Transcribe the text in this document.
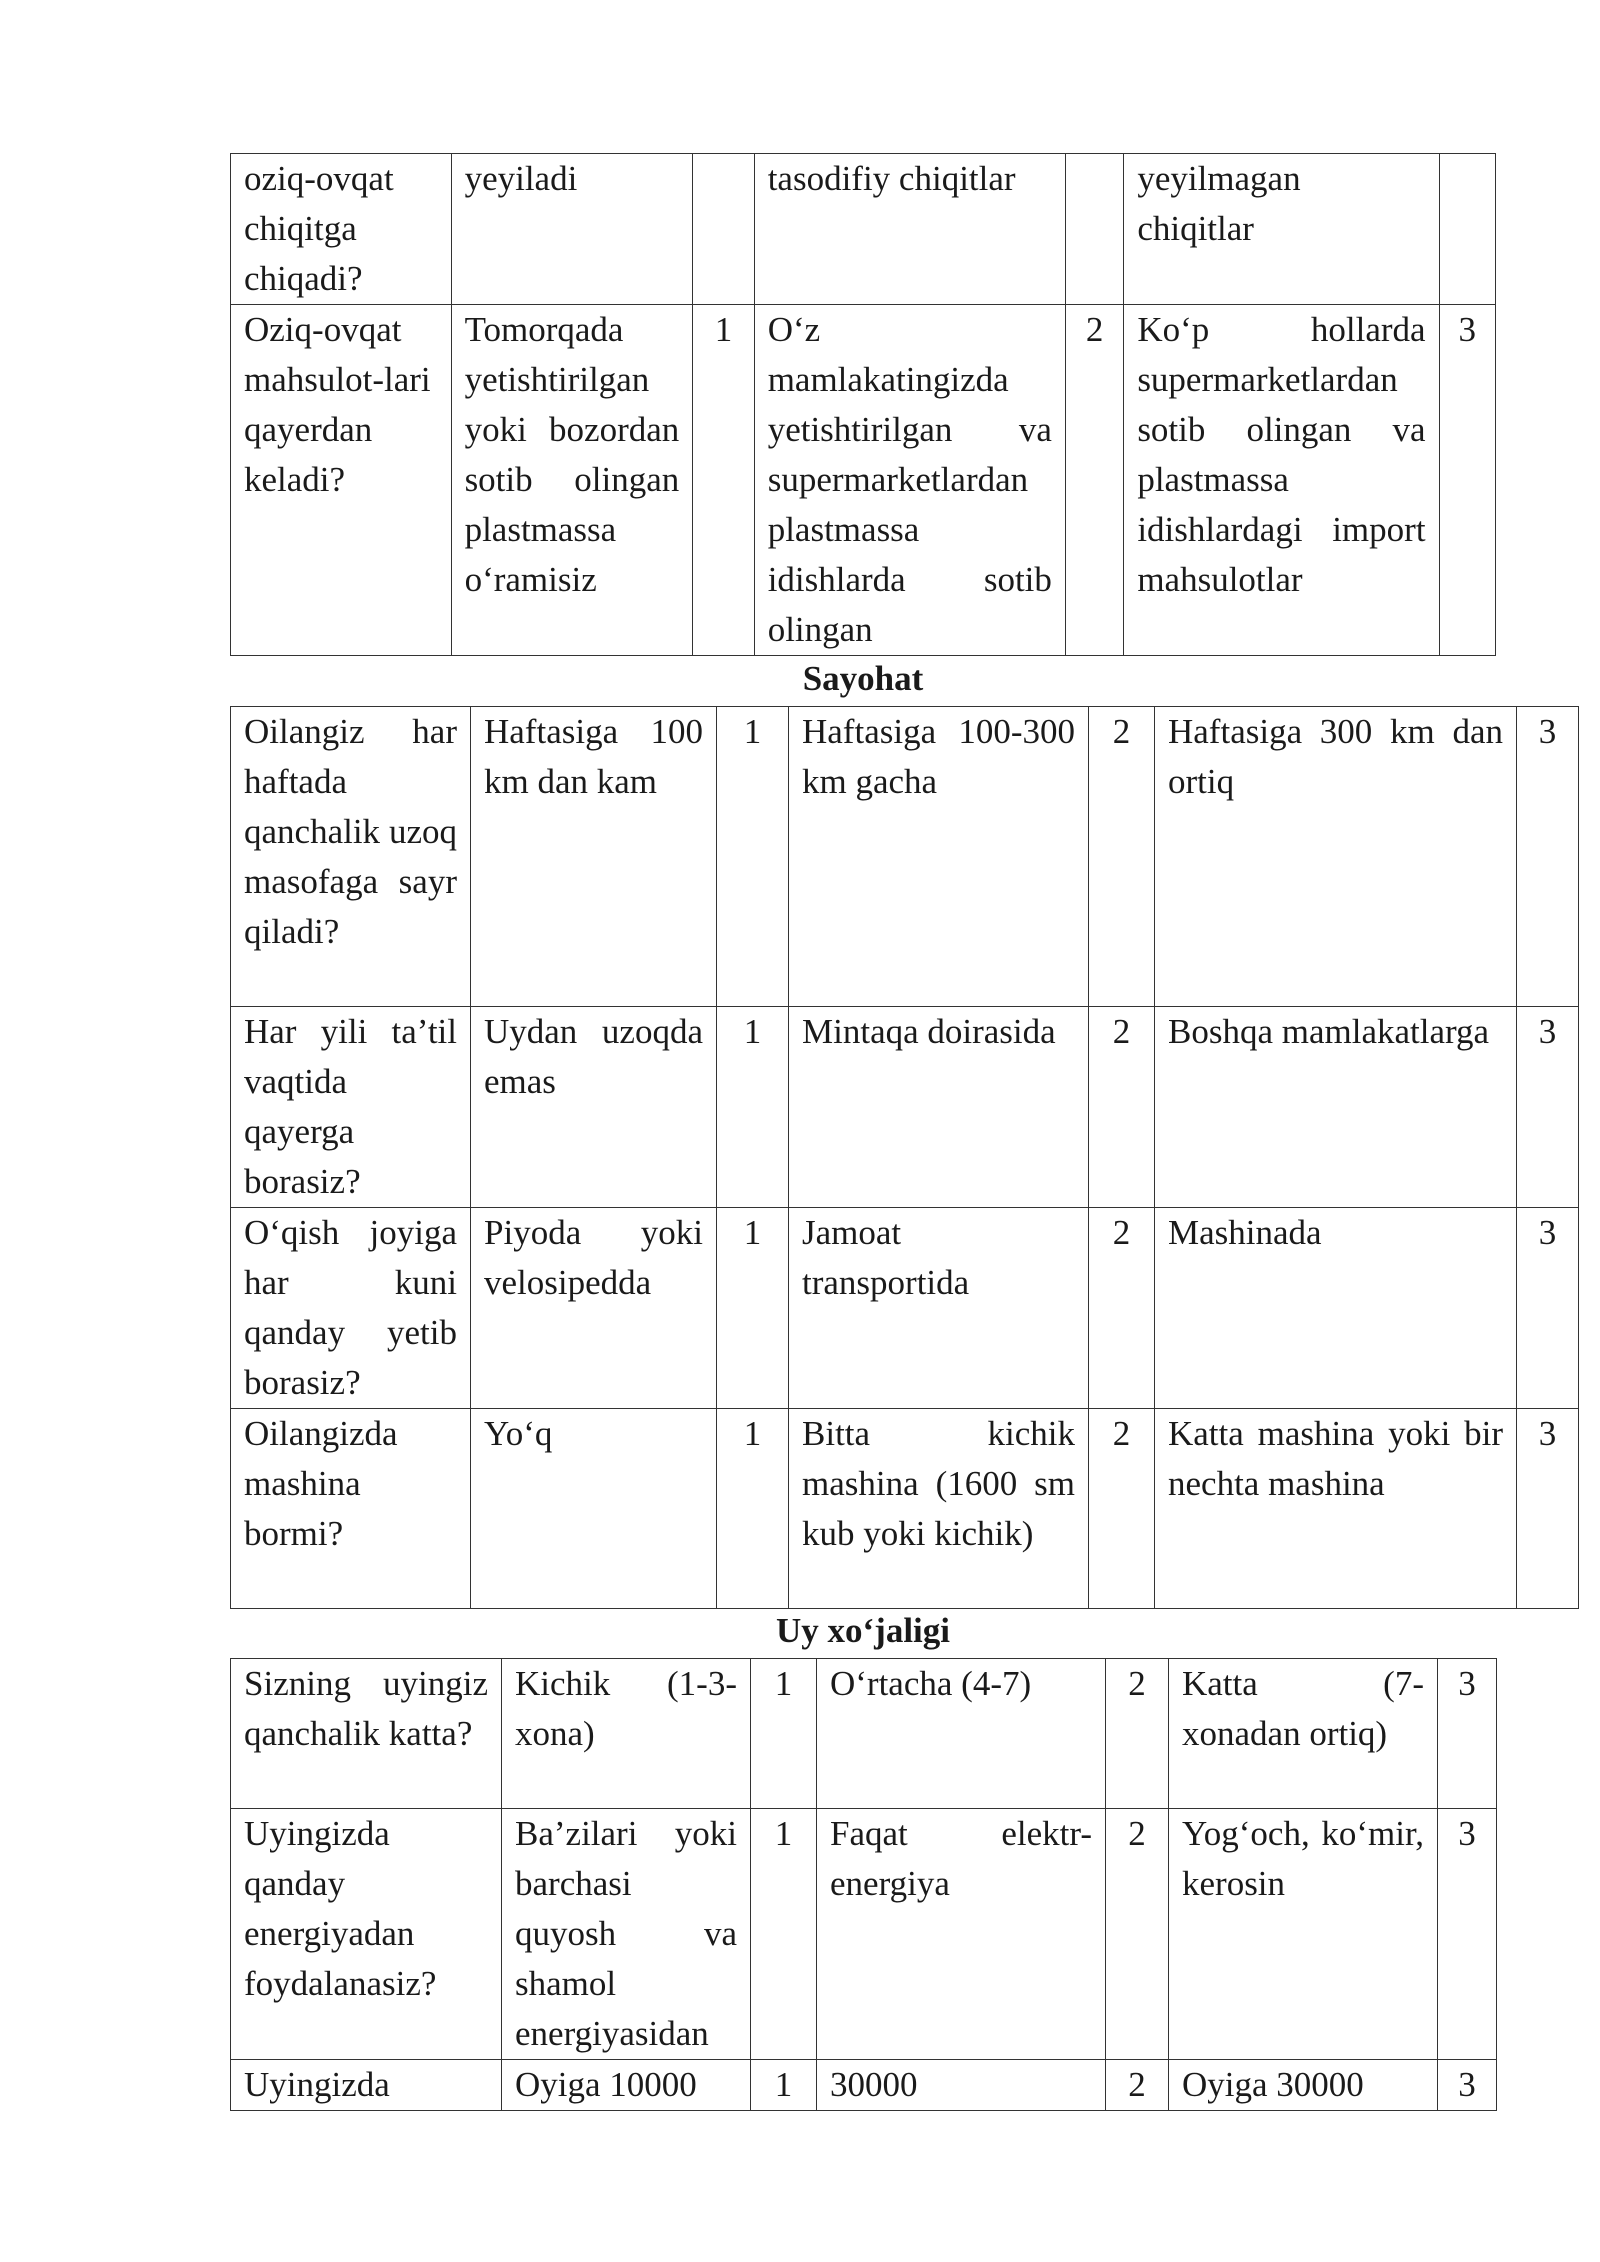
oziq-ovqat chiqitga chiqadi?	yeyiladi		tasodifiy chiqitlar		yeyilmagan chiqitlar	
Oziq-ovqat mahsulot-lari qayerdan keladi?	Tomorqada yetishtirilgan yoki bozordan sotib olingan plastmassa o‘ramisiz	1	O‘z mamlakatingizda yetishtirilgan va supermarketlardan plastmassa idishlarda sotib olingan	2	Ko‘p hollarda supermarketlardan sotib olingan va plastmassa idishlardagi import mahsulotlar	3
Sayohat
Oilangiz har haftada qanchalik uzoq masofaga sayr qiladi?	Haftasiga 100 km dan kam	1	Haftasiga 100-300 km gacha	2	Haftasiga 300 km dan ortiq	3
Har yili ta’til vaqtida qayerga borasiz?	Uydan uzoqda emas	1	Mintaqa doirasida	2	Boshqa mamlakatlarga	3
O‘qish joyiga har kuni qanday yetib borasiz?	Piyoda yoki velosipedda	1	Jamoat transportida	2	Mashinada	3
Oilangizda mashina bormi?	Yo‘q	1	Bitta kichik mashina (1600 sm kub yoki kichik)	2	Katta mashina yoki bir nechta mashina	3
Uy xo‘jaligi
Sizning uyingiz qanchalik katta?	Kichik (1-3-xona)	1	O‘rtacha (4-7)	2	Katta (7-xonadan ortiq)	3
Uyingizda qanday energiyadan foydalanasiz?	Ba’zilari yoki barchasi quyosh va shamol energiyasidan	1	Faqat elektr-energiya	2	Yog‘och, ko‘mir, kerosin	3
Uyingizda	Oyiga 10000	1	30000	2	Oyiga 30000	3
